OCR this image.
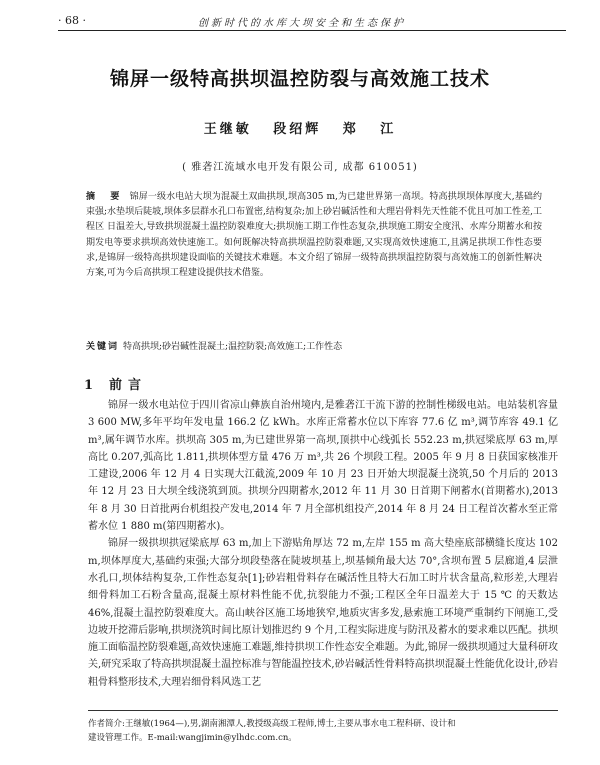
· 68 ·	创新时代的水库大坝安全和生态保护
锦屏一级特高拱坝温控防裂与高效施工技术
王继敏 段绍辉 郑 江
( 雅砻江流域水电开发有限公司, 成都 610051)
摘 要 锦屏一级水电站大坝为混凝土双曲拱坝,坝高305 m,为已建世界第一高坝。特高拱坝坝体厚度大,基础约束强;水垫坝后陡坡,坝体多层群水孔口布置密,结构复杂;加上砂岩碱活性和大理岩骨料先天性能不优且可加工性差,工程区 日温差大,导致拱坝混凝土温控防裂难度大;拱坝施工期工作性态复杂,拱坝施工期安全度汛、水库分期蓄水和按期发电等要求拱坝高效快速施工。如何既解决特高拱坝温控防裂难题,又实现高效快速施工,且满足拱坝工作性态要求,是锦屏一级特高拱坝建设面临的关键技术难题。本文介绍了锦屏一级特高拱坝温控防裂与高效施工的创新性解决方案,可为今后高拱坝工程建设提供技术借鉴。
关键词 特高拱坝;砂岩碱性混凝土;温控防裂;高效施工;工作性态
1 前言

锦屏一级水电站位于四川省凉山彝族自治州境内,是雅砻江干流下游的控制性梯级电站。电站装机容量 3 600 MW,多年平均年发电量 166.2 亿 kWh。水库正常蓄水位以下库容 77.6 亿 m³,调节库容 49.1 亿 m³,属年调节水库。拱坝高 305 m,为已建世界第一高坝,顶拱中心线弧长 552.23 m,拱冠梁底厚 63 m,厚高比 0.207,弧高比 1.811,拱坝体型方量 476 万 m³,共 26 个坝段工程。2005 年 9 月 8 日获国家核准开工建设,2006 年 12 月 4 日实现大江截流,2009 年 10 月 23 日开始大坝混凝土浇筑,50 个月后的 2013 年 12 月 23 日大坝全线浇筑到顶。拱坝分四期蓄水,2012 年 11 月 30 日首期下闸蓄水(首期蓄水),2013 年 8 月 30 日首批两台机组投产发电,2014 年 7 月全部机组投产,2014 年 8 月 24 日工程首次蓄水至正常蓄水位 1 880 m(第四期蓄水)。

锦屏一级拱坝拱冠梁底厚 63 m,加上下游贴角厚达 72 m,左岸 155 m 高大垫座底部横缝长度达 102 m,坝体厚度大,基础约束强;大部分坝段垫落在陡坡坝基上,坝基倾角最大达 70°,含坝布置 5 层廊道,4 层泄水孔口,坝体结构复杂,工作性态复杂[1];砂岩粗骨料存在碱活性且特大石加工时片状含量高,粒形差,大理岩细骨料加工石粉含量高,混凝土原材料性能不优,抗裂能力不强;工程区全年日温差大于 15 ℃ 的天数达 46%,混凝土温控防裂难度大。高山峡谷区施工场地狭窄,地质灾害多发,悬索施工环境严重制约下闸施工,受边坡开挖滞后影响,拱坝浇筑时间比原计划推迟约 9 个月,工程实际进度与防汛及蓄水的要求难以匹配。拱坝施工面临温控防裂难题,高效快速施工难题,维持拱坝工作性态安全难题。为此,锦屏一级拱坝通过大量科研攻关,研究采取了特高拱坝混凝土温控标准与智能温控技术,砂岩碱活性骨料特高拱坝混凝土性能优化设计,砂岩粗骨料整形技术,大理岩细骨料风选工艺

作者简介:王继敏(1964—),男,湖南湘潭人,教授级高级工程师,博士,主要从事水电工程科研、设计和
建设管理工作。E-mail:wangjimin@ylhdc.com.cn。
